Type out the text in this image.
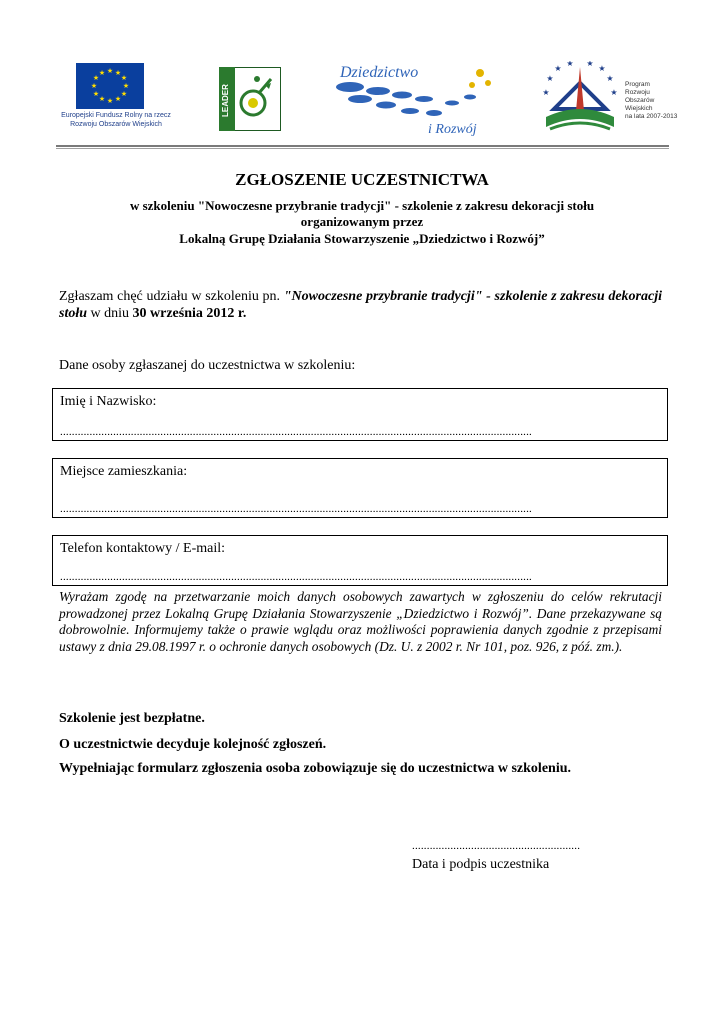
★ ★
★
★
★
★
★
★
★
★
★
★
Europejski Fundusz Rolny na rzecz
Rozwoju Obszarów Wiejskich
LEADER
Dziedzictwo
i Rozwój
★
★
★ ★
★
★
★	★
Program
Rozwoju
Obszarów
Wiejskich
na lata 2007-2013
ZGŁOSZENIE UCZESTNICTWA
w szkoleniu "Nowoczesne przybranie tradycji" - szkolenie z zakresu dekoracji stołu
organizowanym przez
Lokalną Grupę Działania Stowarzyszenie „Dziedzictwo i Rozwój”
Zgłaszam chęć udziału w szkoleniu pn. "Nowoczesne przybranie tradycji" - szkolenie z zakresu dekoracji stołu w dniu 30 września 2012 r.
Dane osoby zgłaszanej do uczestnictwa w szkoleniu:
Imię i Nazwisko:
................................................................................................................................................................
Miejsce zamieszkania:
................................................................................................................................................................
Telefon kontaktowy / E-mail:
................................................................................................................................................................
Wyrażam zgodę na przetwarzanie moich danych osobowych zawartych w zgłoszeniu do celów rekrutacji prowadzonej przez Lokalną Grupę Działania Stowarzyszenie „Dziedzictwo i Rozwój”. Dane przekazywane są dobrowolnie. Informujemy także o prawie wglądu oraz możliwości poprawienia danych zgodnie z przepisami ustawy z dnia 29.08.1997 r. o ochronie danych osobowych (Dz. U. z 2002 r. Nr 101, poz. 926, z póź. zm.).
Szkolenie jest bezpłatne.
O uczestnictwie decyduje kolejność zgłoszeń.
Wypełniając formularz zgłoszenia osoba zobowiązuje się do uczestnictwa w szkoleniu.
.........................................................
Data i podpis uczestnika
